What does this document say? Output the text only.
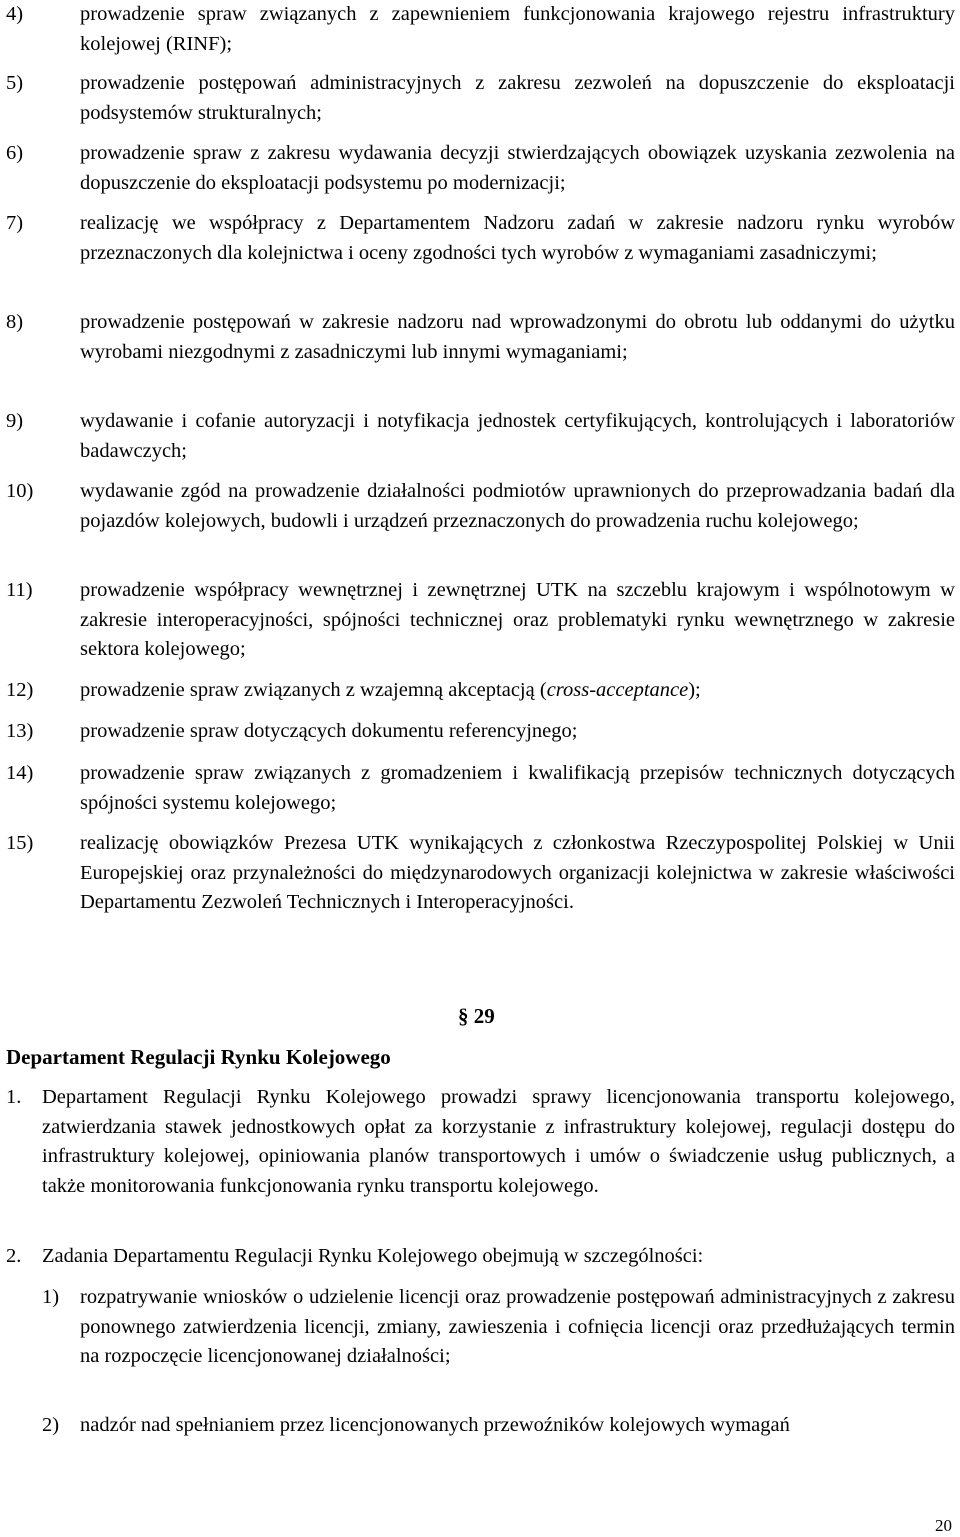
4)	prowadzenie spraw związanych z zapewnieniem funkcjonowania krajowego rejestru infrastruktury kolejowej (RINF);
5)	prowadzenie postępowań administracyjnych z zakresu zezwoleń na dopuszczenie do eksploatacji podsystemów strukturalnych;
6)	prowadzenie spraw z zakresu wydawania decyzji stwierdzających obowiązek uzyskania zezwolenia na dopuszczenie do eksploatacji podsystemu po modernizacji;
7)	realizację we współpracy z Departamentem Nadzoru zadań w zakresie nadzoru rynku wyrobów przeznaczonych dla kolejnictwa i oceny zgodności tych wyrobów z wymaganiami zasadniczymi;
8)	prowadzenie postępowań w zakresie nadzoru nad wprowadzonymi do obrotu lub oddanymi do użytku wyrobami niezgodnymi z zasadniczymi lub innymi wymaganiami;
9)	wydawanie i cofanie autoryzacji i notyfikacja jednostek certyfikujących, kontrolujących i laboratoriów badawczych;
10)	wydawanie zgód na prowadzenie działalności podmiotów uprawnionych do przeprowadzania badań dla pojazdów kolejowych, budowli i urządzeń przeznaczonych do prowadzenia ruchu kolejowego;
11)	prowadzenie współpracy wewnętrznej i zewnętrznej UTK na szczeblu krajowym i wspólnotowym w zakresie interoperacyjności, spójności technicznej oraz problematyki rynku wewnętrznego w zakresie sektora kolejowego;
12)	prowadzenie spraw związanych z wzajemną akceptacją (cross-acceptance);
13)	prowadzenie spraw dotyczących dokumentu referencyjnego;
14)	prowadzenie spraw związanych z gromadzeniem i kwalifikacją przepisów technicznych dotyczących spójności systemu kolejowego;
15)	realizację obowiązków Prezesa UTK wynikających z członkostwa Rzeczypospolitej Polskiej w Unii Europejskiej oraz przynależności do międzynarodowych organizacji kolejnictwa w zakresie właściwości Departamentu Zezwoleń Technicznych i Interoperacyjności.

§ 29

Departament Regulacji Rynku Kolejowego

1.	Departament Regulacji Rynku Kolejowego prowadzi sprawy licencjonowania transportu kolejowego, zatwierdzania stawek jednostkowych opłat za korzystanie z infrastruktury kolejowej, regulacji dostępu do infrastruktury kolejowej, opiniowania planów transportowych i umów o świadczenie usług publicznych, a także monitorowania funkcjonowania rynku transportu kolejowego.
2.	Zadania Departamentu Regulacji Rynku Kolejowego obejmują w szczególności:
1)	rozpatrywanie wniosków o udzielenie licencji oraz prowadzenie postępowań administracyjnych z zakresu ponownego zatwierdzenia licencji, zmiany, zawieszenia i cofnięcia licencji oraz przedłużających termin na rozpoczęcie licencjonowanej działalności;
2)	nadzór nad spełnianiem przez licencjonowanych przewoźników kolejowych wymagań

20
